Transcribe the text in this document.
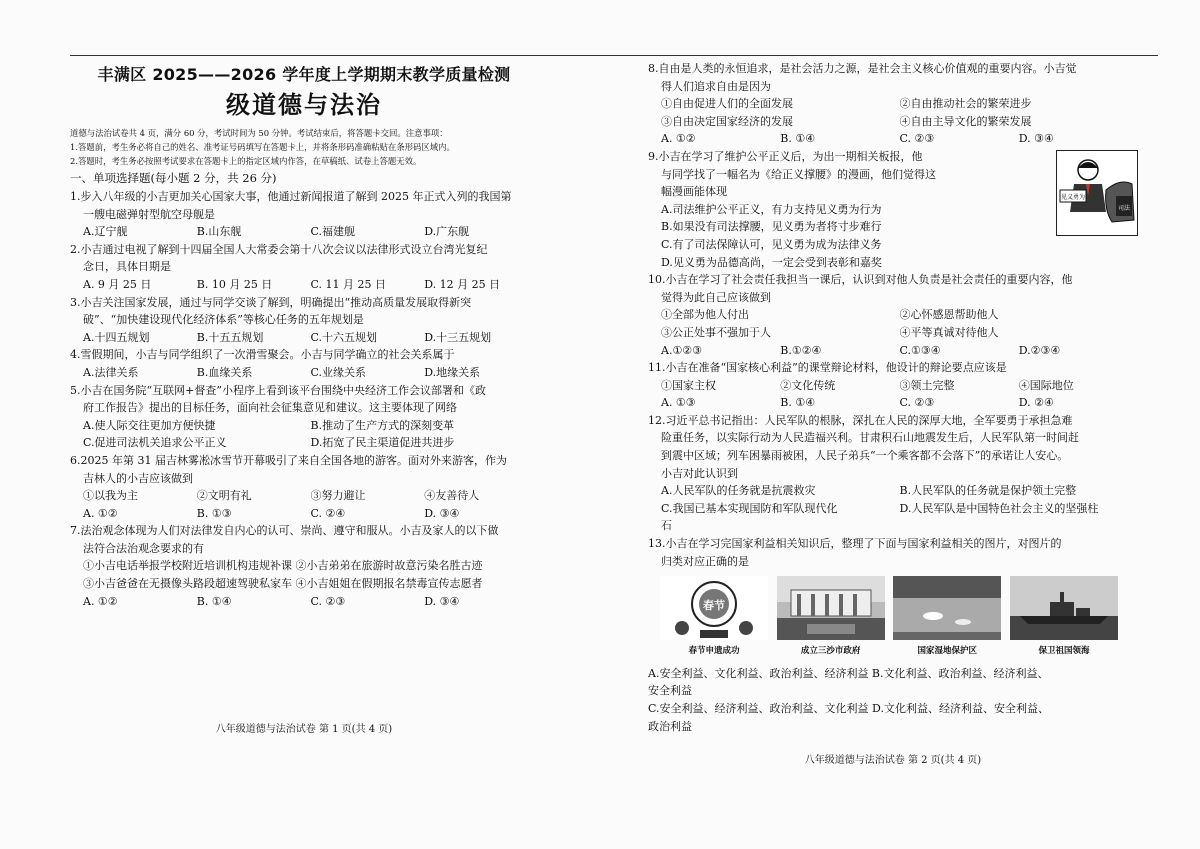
丰满区 2025——2026 学年度上学期期末教学质量检测
级道德与法治

道德与法治试卷共 4 页，满分 60 分，考试时间为 50 分钟。考试结束后，将答题卡交回。注意事项：

1.答题前，考生务必将自己的姓名、准考证号码填写在答题卡上，并将条形码准确粘贴在条形码区域内。

2.答题时，考生务必按照考试要求在答题卡上的指定区域内作答，在草稿纸、试卷上答题无效。

一、单项选择题(每小题 2 分，共 26 分)

1.步入八年级的小吉更加关心国家大事，他通过新闻报道了解到 2025 年正式入列的我国第

一艘电磁弹射型航空母舰是

A.辽宁舰	B.山东舰	C.福建舰	D.广东舰

2.小吉通过电视了解到十四届全国人大常委会第十八次会议以法律形式设立台湾光复纪

念日，具体日期是

A. 9 月 25 日	B. 10 月 25 日	C. 11 月 25 日	D. 12 月 25 日

3.小吉关注国家发展，通过与同学交谈了解到，明确提出“推动高质量发展取得新突

破”、“加快建设现代化经济体系”等核心任务的五年规划是

A.十四五规划	B.十五五规划	C.十六五规划	D.十三五规划

4.雪假期间，小吉与同学组织了一次滑雪聚会。小吉与同学确立的社会关系属于

A.法律关系	B.血缘关系	C.业缘关系	D.地缘关系

5.小吉在国务院“互联网+督查”小程序上看到该平台围绕中央经济工作会议部署和《政

府工作报告》提出的目标任务，面向社会征集意见和建议。这主要体现了网络

A.使人际交往更加方便快捷	B.推动了生产方式的深刻变革
C.促进司法机关追求公平正义	D.拓宽了民主渠道促进共进步

6.2025 年第 31 届吉林雾凇冰雪节开幕吸引了来自全国各地的游客。面对外来游客，作为

吉林人的小吉应该做到

①以我为主	②文明有礼	③努力避让	④友善待人
A. ①②	B. ①③	C. ②④	D. ③④

7.法治观念体现为人们对法律发自内心的认可、崇尚、遵守和服从。小吉及家人的以下做

法符合法治观念要求的有

①小吉电话举报学校附近培训机构违规补课 ②小吉弟弟在旅游时故意污染名胜古迹
③小吉爸爸在无摄像头路段超速驾驶私家车 ④小吉姐姐在假期报名禁毒宣传志愿者
A. ①②	B. ①④	C. ②③	D. ③④
八年级道德与法治试卷 第 1 页(共 4 页)

8.自由是人类的永恒追求，是社会活力之源，是社会主义核心价值观的重要内容。小吉觉

得人们追求自由是因为

①自由促进人们的全面发展	②自由推动社会的繁荣进步
③自由决定国家经济的发展	④自由主导文化的繁荣发展
A. ①②	B. ①④	C. ②③	D. ③④

9.小吉在学习了维护公平正义后，为出一期相关板报，他

与同学找了一幅名为《给正义撑腰》的漫画，他们觉得这

幅漫画能体现

A.司法维护公平正义，有力支持见义勇为行为
B.如果没有司法撑腰，见义勇为者将寸步难行
C.有了司法保障认可，见义勇为成为法律义务
D.见义勇为品德高尚，一定会受到表彰和嘉奖
见义勇为
司法

10.小吉在学习了社会责任我担当一课后，认识到对他人负责是社会责任的重要内容，他

觉得为此自己应该做到

①全部为他人付出	②心怀感恩帮助他人
③公正处事不强加于人	④平等真诚对待他人
A.①②③	B.①②④	C.①③④	D.②③④

11.小吉在准备“国家核心利益”的课堂辩论材料，他设计的辩论要点应该是

①国家主权	②文化传统	③领土完整	④国际地位
A. ①③	B. ①④	C. ②③	D. ②④

12.习近平总书记指出：人民军队的根脉，深扎在人民的深厚大地，全军要勇于承担急难

险重任务，以实际行动为人民造福兴利。甘肃积石山地震发生后，人民军队第一时间赶

到震中区域；列车困暴雨被困，人民子弟兵“一个乘客都不会落下”的承诺让人安心。

小吉对此认识到

A.人民军队的任务就是抗震救灾	B.人民军队的任务就是保护领土完整
C.我国已基本实现国防和军队现代化	D.人民军队是中国特色社会主义的坚强柱
石

13.小吉在学习完国家利益相关知识后，整理了下面与国家利益相关的图片，对图片的

归类对应正确的是

春节
春节申遗成功	成立三沙市政府	国家湿地保护区	保卫祖国领海

A.安全利益、文化利益、政治利益、经济利益 B.文化利益、政治利益、经济利益、

安全利益

C.安全利益、经济利益、政治利益、文化利益 D.文化利益、经济利益、安全利益、

政治利益

八年级道德与法治试卷 第 2 页(共 4 页)
